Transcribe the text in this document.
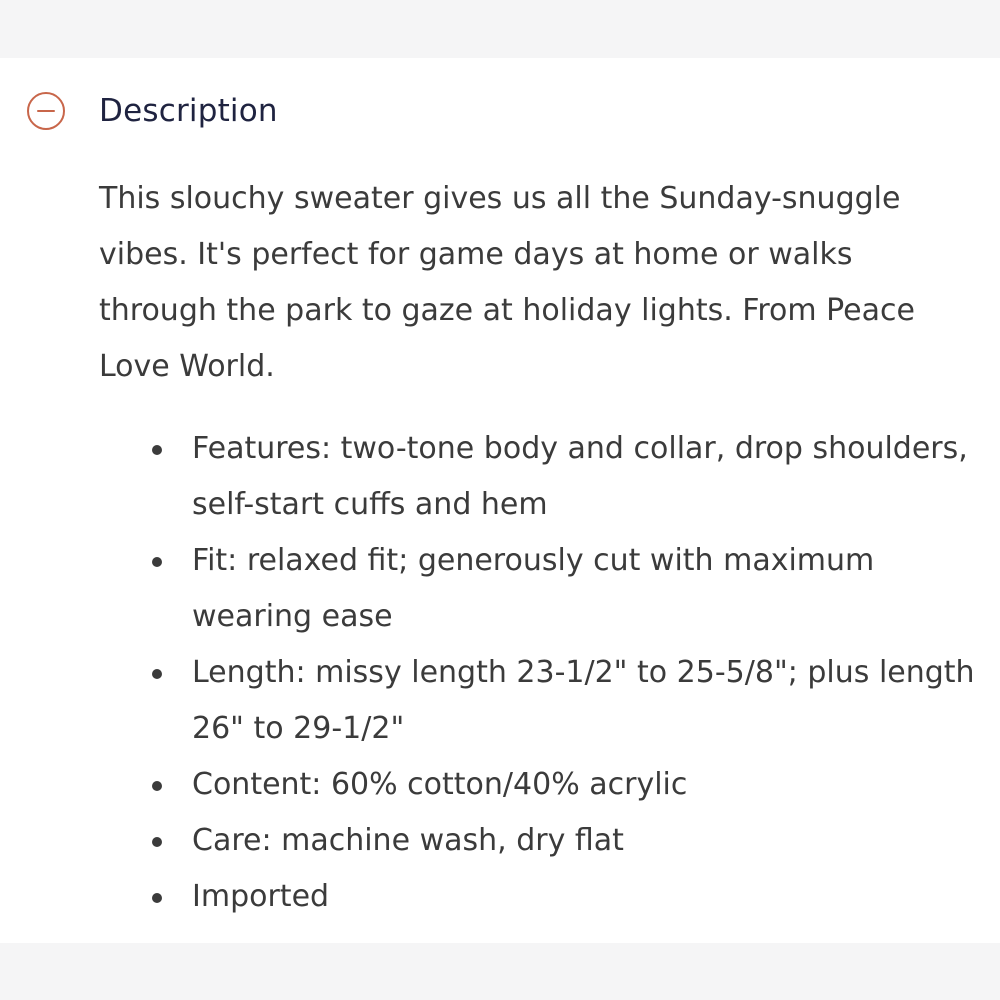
Description

This slouchy sweater gives us all the Sunday-snuggle vibes. It's perfect for game days at home or walks through the park to gaze at holiday lights. From Peace Love World.

Features: two-tone body and collar, drop shoulders, self-start cuffs and hem
Fit: relaxed fit; generously cut with maximum wearing ease
Length: missy length 23-1/2" to 25-5/8"; plus length 26" to 29-1/2"
Content: 60% cotton/40% acrylic
Care: machine wash, dry flat
Imported
